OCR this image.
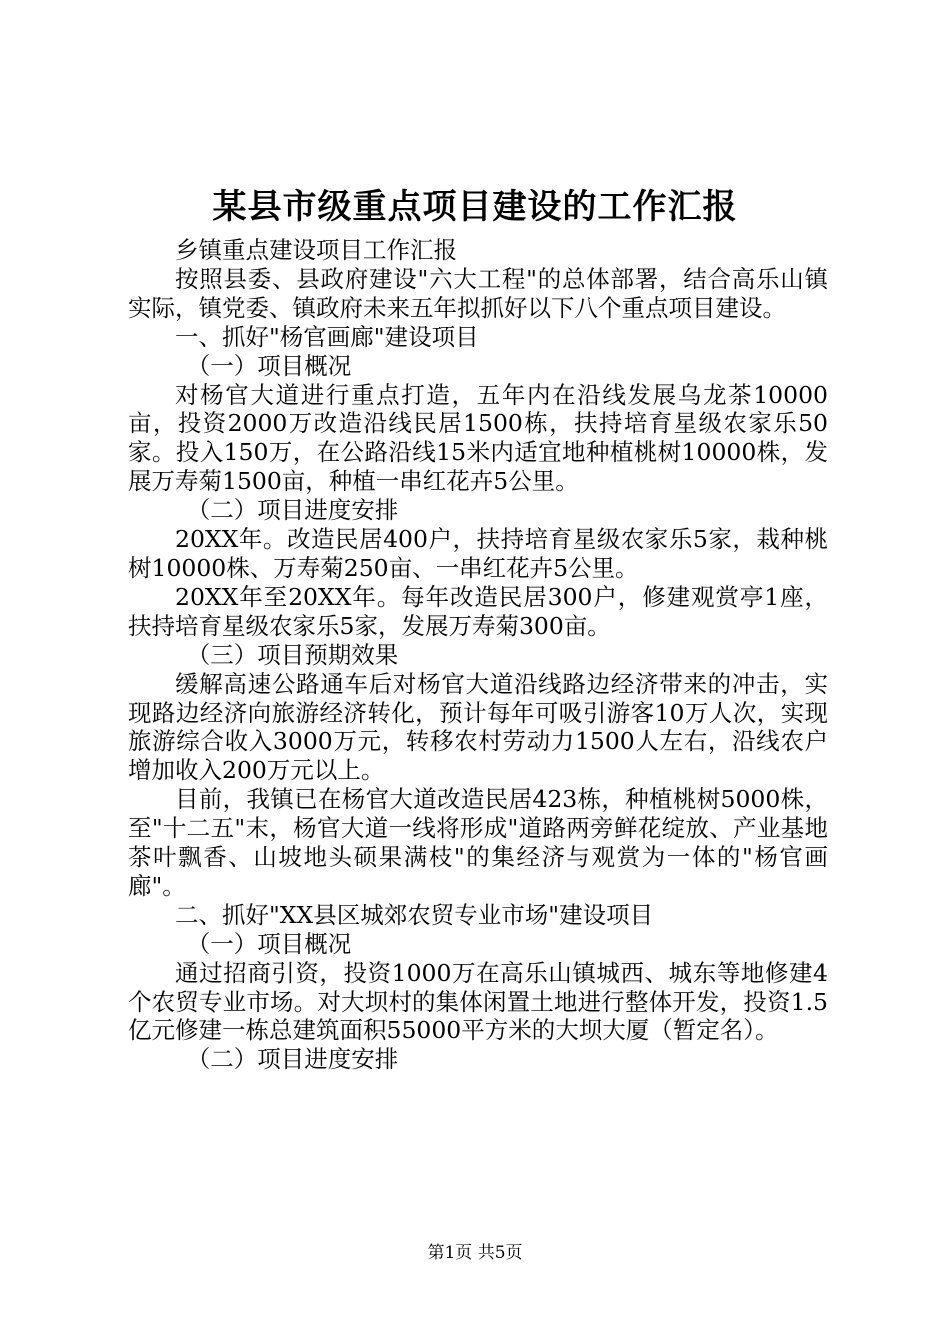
某县市级重点项目建设的工作汇报

乡镇重点建设项目工作汇报

按照县委、县政府建设"六大工程"的总体部署，结合高乐山镇实际，镇党委、镇政府未来五年拟抓好以下八个重点项目建设。

一、抓好"杨官画廊"建设项目

（一）项目概况

对杨官大道进行重点打造，五年内在沿线发展乌龙茶10000亩，投资2000万改造沿线民居1500栋，扶持培育星级农家乐50家。投入150万，在公路沿线15米内适宜地种植桃树10000株，发展万寿菊1500亩，种植一串红花卉5公里。

（二）项目进度安排

20XX年。改造民居400户，扶持培育星级农家乐5家，栽种桃树10000株、万寿菊250亩、一串红花卉5公里。

20XX年至20XX年。每年改造民居300户，修建观赏亭1座，扶持培育星级农家乐5家，发展万寿菊300亩。

（三）项目预期效果

缓解高速公路通车后对杨官大道沿线路边经济带来的冲击，实现路边经济向旅游经济转化，预计每年可吸引游客10万人次，实现旅游综合收入3000万元，转移农村劳动力1500人左右，沿线农户增加收入200万元以上。

目前，我镇已在杨官大道改造民居423栋，种植桃树5000株，至"十二五"末，杨官大道一线将形成"道路两旁鲜花绽放、产业基地茶叶飘香、山坡地头硕果满枝"的集经济与观赏为一体的"杨官画廊"。

二、抓好"XX县区城郊农贸专业市场"建设项目

（一）项目概况

通过招商引资，投资1000万在高乐山镇城西、城东等地修建4个农贸专业市场。对大坝村的集体闲置土地进行整体开发，投资1.5亿元修建一栋总建筑面积55000平方米的大坝大厦（暂定名）。

（二）项目进度安排

第1页 共5页
